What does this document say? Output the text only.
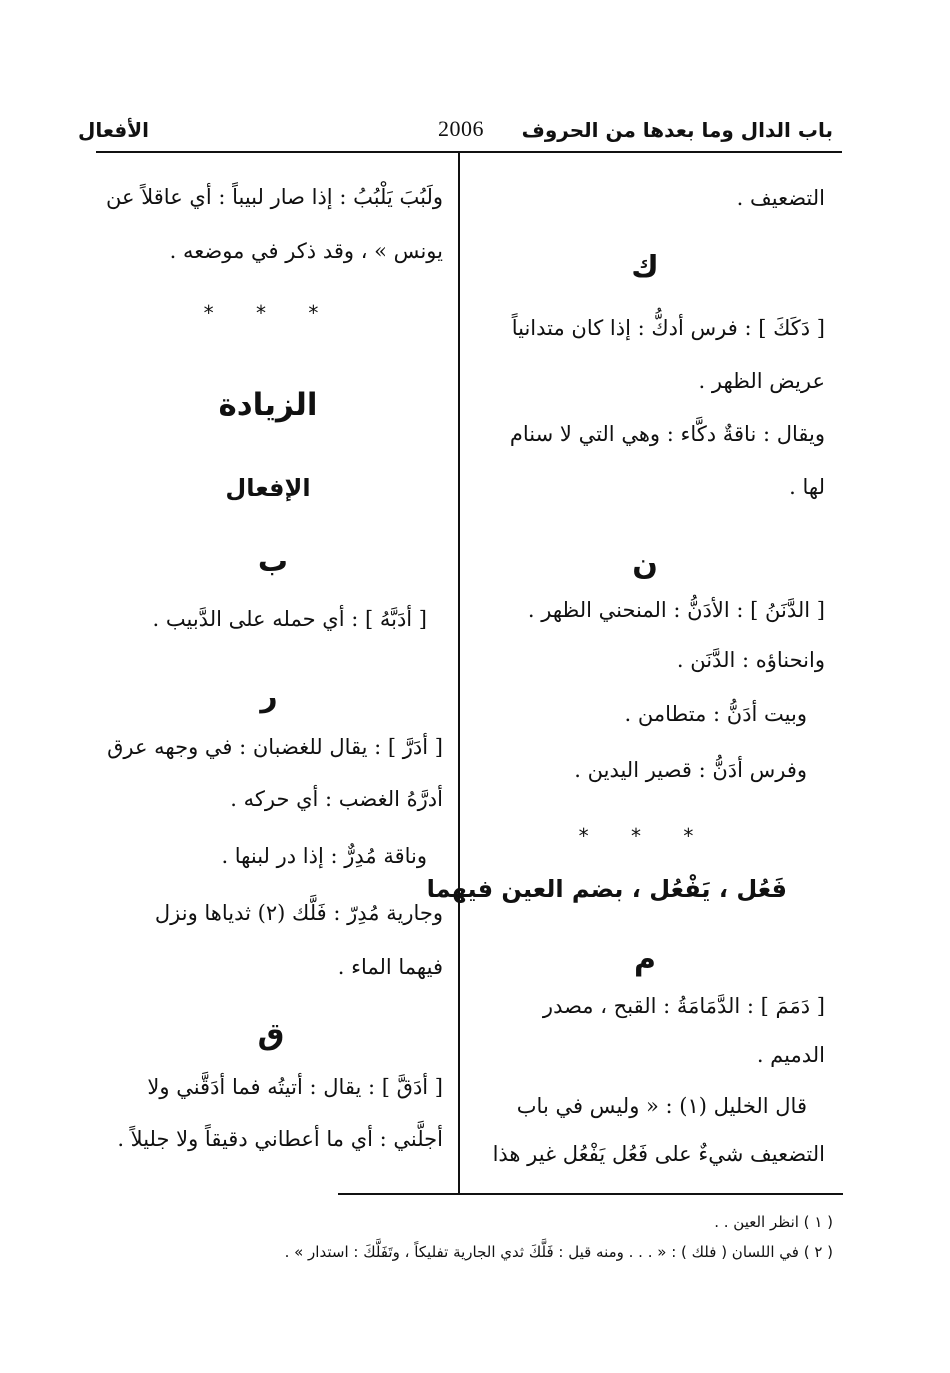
باب الدال وما بعدها من الحروف
2006
الأفعال
التضعيف .
ك
[ دَكَكَ ] : فرس أدكُّ : إذا كان متدانياً
عريض الظهر .
ويقال : ناقةٌ دكَّاء : وهي التي لا سنام
لها .
ن
[ الدَّنَنُ ] : الأدَنُّ : المنحني الظهر .
وانحناؤه : الدَّنَن .
وبيت أدَنُّ : متطامن .
وفرس أدَنُّ : قصير اليدين .
* * *
فَعُل ، يَفْعُل ، بضم العين فيهما
م
[ دَمَمَ ] : الدَّمَامَةُ : القبح ، مصدر
الدميم .
قال الخليل (١) : « وليس في باب
التضعيف شيءٌ على فَعُل يَفْعُل غير هذا
ولَبُبَ يَلْبُبُ : إذا صار لبيباً : أي عاقلاً عن
يونس » ، وقد ذكر في موضعه .
* * *
الزيادة
الإفعال
ب
[ أدَبَّهُ ] : أي حمله على الدَّبيب .
ر
[ أدَرَّ ] : يقال للغضبان : في وجهه عرق
أدرَّهُ الغضب : أي حركه .
وناقة مُدِرٌّ : إذا در لبنها .
وجارية مُدِرّ : فَلَّك (٢) ثدياها ونزل
فيهما الماء .
ق
[ أدَقَّ ] : يقال : أتيتُه فما أدَقَّني ولا
أجلَّني : أي ما أعطاني دقيقاً ولا جليلاً .
( ١ ) انظر العين . .
( ٢ ) في اللسان ( فلك ) : « . . . ومنه قيل : فَلَّكَ ثدي الجارية تفليكاً ، وتَفَلَّكَ : استدار » .
